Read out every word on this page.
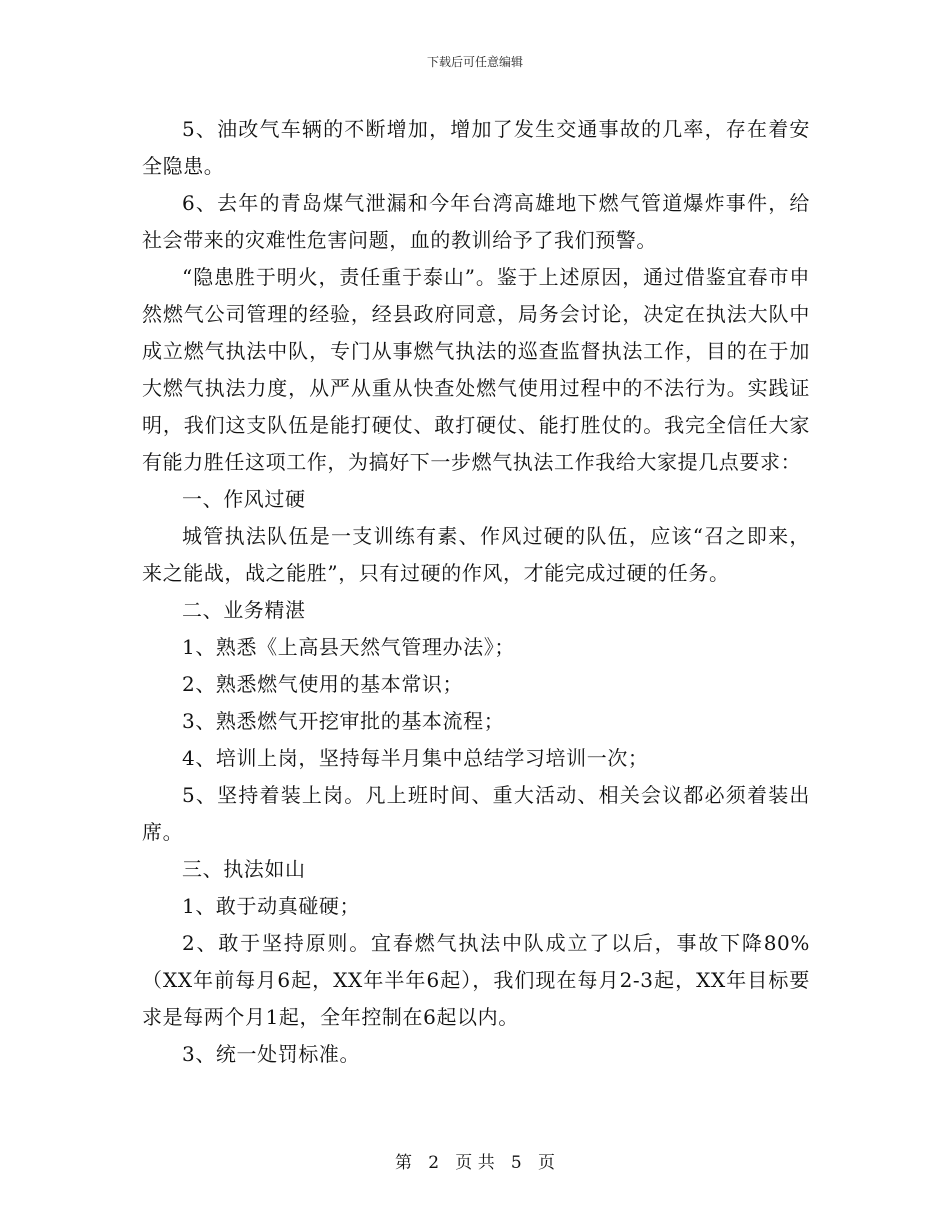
下载后可任意编辑

5、油改气车辆的不断增加，增加了发生交通事故的几率，存在着安全隐患。

6、去年的青岛煤气泄漏和今年台湾高雄地下燃气管道爆炸事件，给社会带来的灾难性危害问题，血的教训给予了我们预警。

“隐患胜于明火，责任重于泰山”。鉴于上述原因，通过借鉴宜春市申然燃气公司管理的经验，经县政府同意，局务会讨论，决定在执法大队中成立燃气执法中队，专门从事燃气执法的巡查监督执法工作，目的在于加大燃气执法力度，从严从重从快查处燃气使用过程中的不法行为。实践证明，我们这支队伍是能打硬仗、敢打硬仗、能打胜仗的。我完全信任大家有能力胜任这项工作，为搞好下一步燃气执法工作我给大家提几点要求：

一、作风过硬

城管执法队伍是一支训练有素、作风过硬的队伍，应该“召之即来，来之能战，战之能胜”，只有过硬的作风，才能完成过硬的任务。

二、业务精湛

1、熟悉《上高县天然气管理办法》；

2、熟悉燃气使用的基本常识；

3、熟悉燃气开挖审批的基本流程；

4、培训上岗，坚持每半月集中总结学习培训一次；

5、坚持着装上岗。凡上班时间、重大活动、相关会议都必须着装出席。

三、执法如山

1、敢于动真碰硬；

2、敢于坚持原则。宜春燃气执法中队成立了以后，事故下降80%（XX年前每月6起，XX年半年6起），我们现在每月2-3起，XX年目标要求是每两个月1起，全年控制在6起以内。

3、统一处罚标准。

第 2 页 共 5 页
